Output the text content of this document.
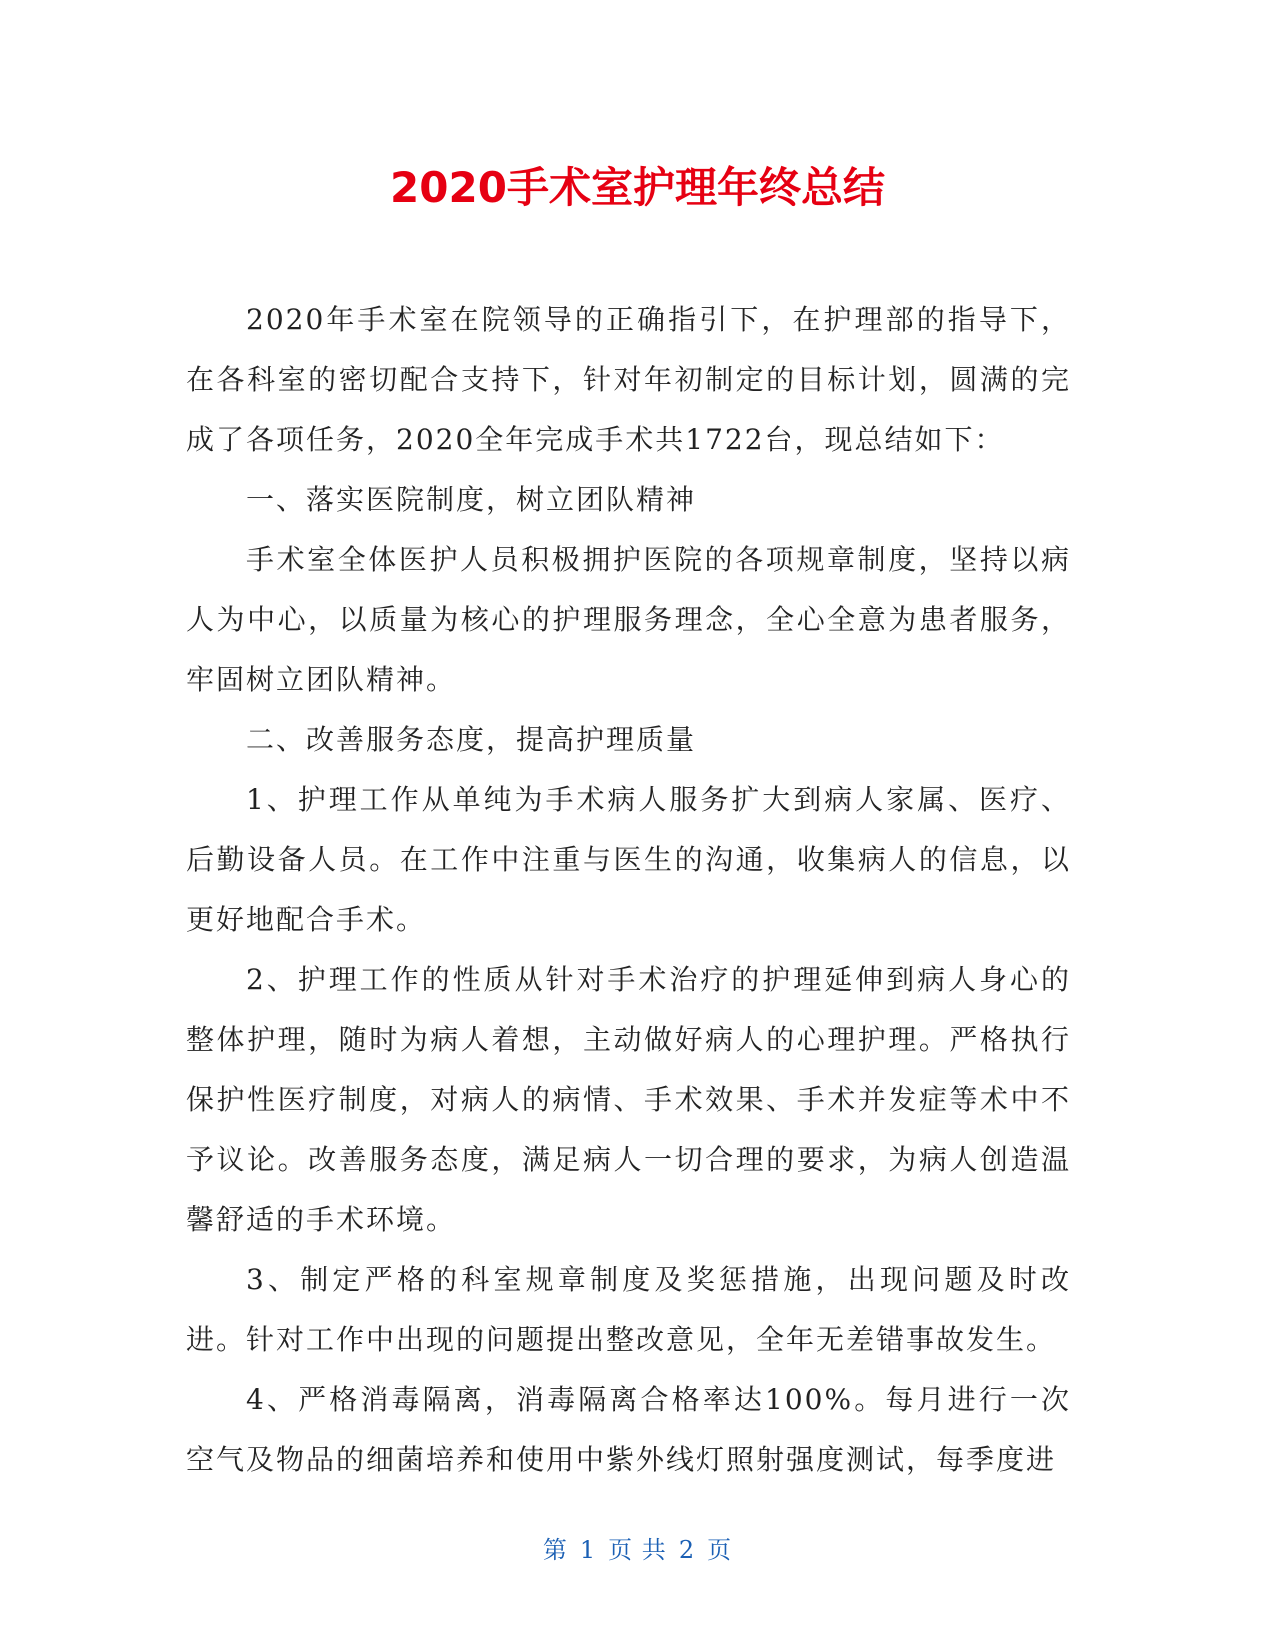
2020手术室护理年终总结

2020年手术室在院领导的正确指引下，在护理部的指导下，在各科室的密切配合支持下，针对年初制定的目标计划，圆满的完成了各项任务，2020全年完成手术共1722台，现总结如下：

一、落实医院制度，树立团队精神

手术室全体医护人员积极拥护医院的各项规章制度，坚持以病人为中心，以质量为核心的护理服务理念，全心全意为患者服务，牢固树立团队精神。

二、改善服务态度，提高护理质量

1、护理工作从单纯为手术病人服务扩大到病人家属、医疗、后勤设备人员。在工作中注重与医生的沟通，收集病人的信息，以更好地配合手术。

2、护理工作的性质从针对手术治疗的护理延伸到病人身心的整体护理，随时为病人着想，主动做好病人的心理护理。严格执行保护性医疗制度，对病人的病情、手术效果、手术并发症等术中不予议论。改善服务态度，满足病人一切合理的要求，为病人创造温馨舒适的手术环境。

3、制定严格的科室规章制度及奖惩措施，出现问题及时改进。针对工作中出现的问题提出整改意见，全年无差错事故发生。

4、严格消毒隔离，消毒隔离合格率达100%。每月进行一次空气及物品的细菌培养和使用中紫外线灯照射强度测试，每季度进

第 1 页 共 2 页
